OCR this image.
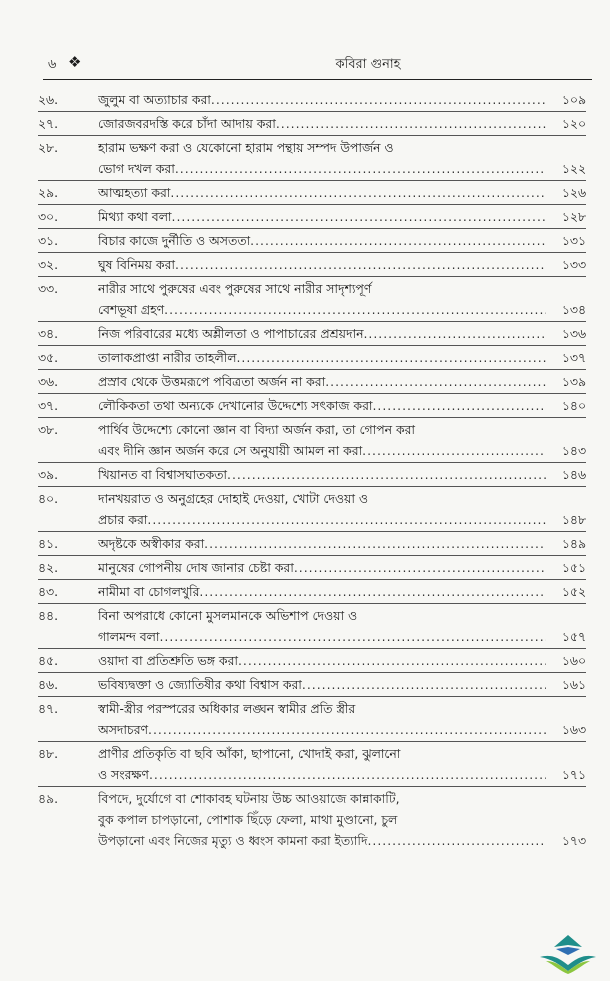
৬ ❖	কবিরা গুনাহ
২৬.	জুলুম বা অত্যাচার করা .....	১০৯
২৭.	জোরজবরদস্তি করে চাঁদা আদায় করা .....	১২০
২৮.	হারাম ভক্ষণ করা ও যেকোনো হারাম পন্থায় সম্পদ উপার্জন ও
ভোগ দখল করা .....	১২২
২৯.	আত্মহত্যা করা .....	১২৬
৩০.	মিথ্যা কথা বলা .....	১২৮
৩১.	বিচার কাজে দুর্নীতি ও অসততা .....	১৩১
৩২.	ঘুষ বিনিময় করা .....	১৩৩
৩৩.	নারীর সাথে পুরুষের এবং পুরুষের সাথে নারীর সাদৃশ্যপূর্ণ
বেশভূষা গ্রহণ .....	১৩৪
৩৪.	নিজ পরিবারের মধ্যে অশ্লীলতা ও পাপাচারের প্রশ্রয়দান .....	১৩৬
৩৫.	তালাকপ্রাপ্তা নারীর তাহলীল .....	১৩৭
৩৬.	প্রস্রাব থেকে উত্তমরূপে পবিত্রতা অর্জন না করা .....	১৩৯
৩৭.	লৌকিকতা তথা অন্যকে দেখানোর উদ্দেশ্যে সৎকাজ করা .....	১৪০
৩৮.	পার্থিব উদ্দেশ্যে কোনো জ্ঞান বা বিদ্যা অর্জন করা, তা গোপন করা
এবং দীনি জ্ঞান অর্জন করে সে অনুযায়ী আমল না করা .....	১৪৩
৩৯.	খিয়ানত বা বিশ্বাসঘাতকতা .....	১৪৬
৪০.	দানখয়রাত ও অনুগ্রহের দোহাই দেওয়া, খোটা দেওয়া ও
প্রচার করা .....	১৪৮
৪১.	অদৃষ্টকে অস্বীকার করা .....	১৪৯
৪২.	মানুষের গোপনীয় দোষ জানার চেষ্টা করা .....	১৫১
৪৩.	নামীমা বা চোগলখুরি .....	১৫২
৪৪.	বিনা অপরাধে কোনো মুসলমানকে অভিশাপ দেওয়া ও
গালমন্দ বলা .....	১৫৭
৪৫.	ওয়াদা বা প্রতিশ্রুতি ভঙ্গ করা .....	১৬০
৪৬.	ভবিষ্যদ্বক্তা ও জ্যোতিষীর কথা বিশ্বাস করা .....	১৬১
৪৭.	স্বামী-স্ত্রীর পরস্পরের অধিকার লঙ্ঘন স্বামীর প্রতি স্ত্রীর
অসদাচরণ .....	১৬৩
৪৮.	প্রাণীর প্রতিকৃতি বা ছবি আঁকা, ছাপানো, খোদাই করা, ঝুলানো
ও সংরক্ষণ .....	১৭১
৪৯.	বিপদে, দুর্যোগে বা শোকাবহ ঘটনায় উচ্চ আওয়াজে কান্নাকাটি,
বুক কপাল চাপড়ানো, পোশাক ছিঁড়ে ফেলা, মাথা মুণ্ডানো, চুল
উপড়ানো এবং নিজের মৃত্যু ও ধ্বংস কামনা করা ইত্যাদি .....	১৭৩
